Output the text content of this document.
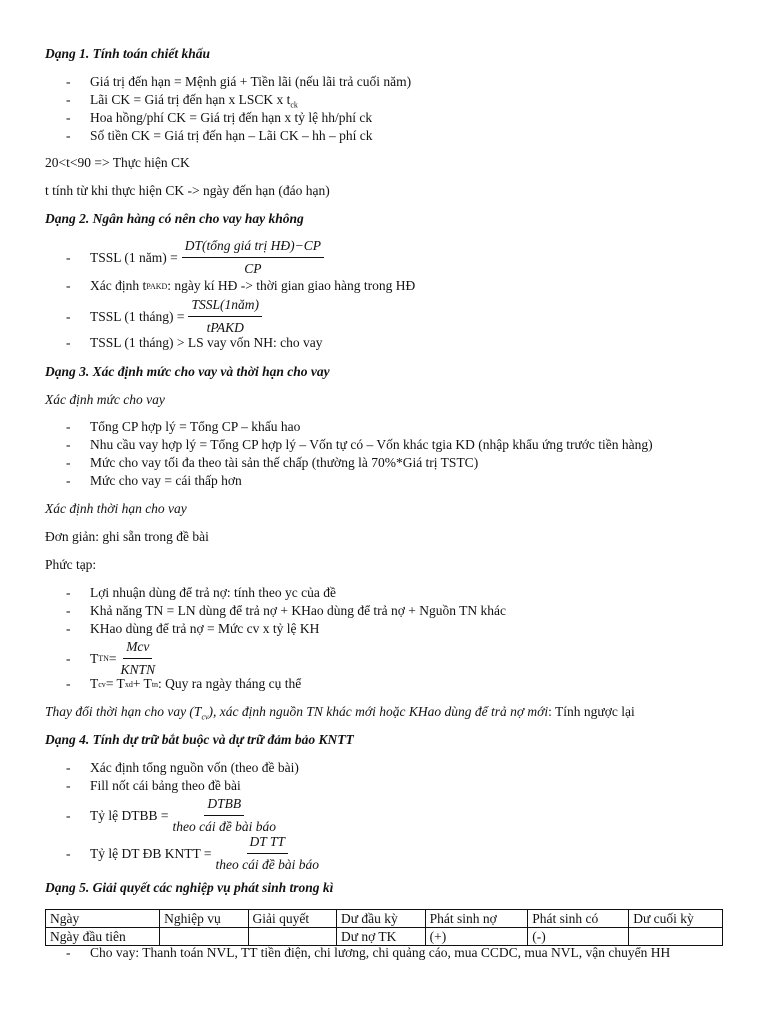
Dạng 1. Tính toán chiết khấu
- Giá trị đến hạn = Mệnh giá + Tiền lãi (nếu lãi trả cuối năm)
- Lãi CK = Giá trị đến hạn x LSCK x $t_{ck}$
- Hoa hồng/phí CK = Giá trị đến hạn x tỷ lệ hh/phí ck
- Số tiền CK = Giá trị đến hạn – Lãi CK – hh – phí ck
20<t<90 => Thực hiện CK
t tính từ khi thực hiện CK -> ngày đến hạn (đáo hạn)
Dạng 2. Ngân hàng có nên cho vay hay không
-	TSSL (1 năm) = $\frac{\text{DT(tổng giá trị HĐ)−CP}}{CP}$
-	Xác định t PAKD : ngày kí HĐ -> thời gian giao hàng trong HĐ
-	TSSL (1 tháng) = $\frac{\text{TSSL(1năm)}}{\text{tPAKD}}$
-	TSSL (1 tháng) > LS vay vốn NH: cho vay
Dạng 3. Xác định mức cho vay và thời hạn cho vay
Xác định mức cho vay
- Tổng CP hợp lý = Tổng CP – khấu hao
- Nhu cầu vay hợp lý = Tổng CP hợp lý – Vốn tự có – Vốn khác tgia KD (nhập khẩu ứng trước tiền hàng)
- Mức cho vay tối đa theo tài sản thế chấp (thường là 70%*Giá trị TSTC)
- Mức cho vay = cái thấp hơn
Xác định thời hạn cho vay
Đơn giản: ghi sẵn trong đề bài
Phức tạp:
- Lợi nhuận dùng để trả nợ: tính theo yc của đề
- Khả năng TN = LN dùng để trả nợ + KHao dùng để trả nợ + Nguồn TN khác
- KHao dùng để trả nợ = Mức cv x tỷ lệ KH
-	T TN = $\frac{\text{Mcv}}{\text{KNTN}}$
-	T cv = T xd + T tn : Quy ra ngày tháng cụ thể
Thay đổi thời hạn cho vay $(T_{cv})$, xác định nguồn TN khác mới hoặc KHao dùng để trả nợ mới: Tính ngược lại
Dạng 4. Tính dự trữ bắt buộc và dự trữ đảm bảo KNTT
- Xác định tổng nguồn vốn (theo đề bài)
- Fill nốt cái bảng theo đề bài
-	Tỷ lệ DTBB = $\frac{\text{DTBB}}{\text{theo cái đề bài báo}}$
-	Tỷ lệ DT ĐB KNTT = $\frac{\text{DT TT}}{\text{theo cái đề bài báo}}$
Dạng 5. Giải quyết các nghiệp vụ phát sinh trong kì
Ngày	Nghiệp vụ	Giải quyết	Dư đầu kỳ	Phát sinh nợ	Phát sinh có	Dư cuối kỳ
Ngày đầu tiên			Dư nợ TK	(+)	(-)	
- Cho vay: Thanh toán NVL, TT tiền điện, chi lương, chi quảng cáo, mua CCDC, mua NVL, vận chuyển HH
